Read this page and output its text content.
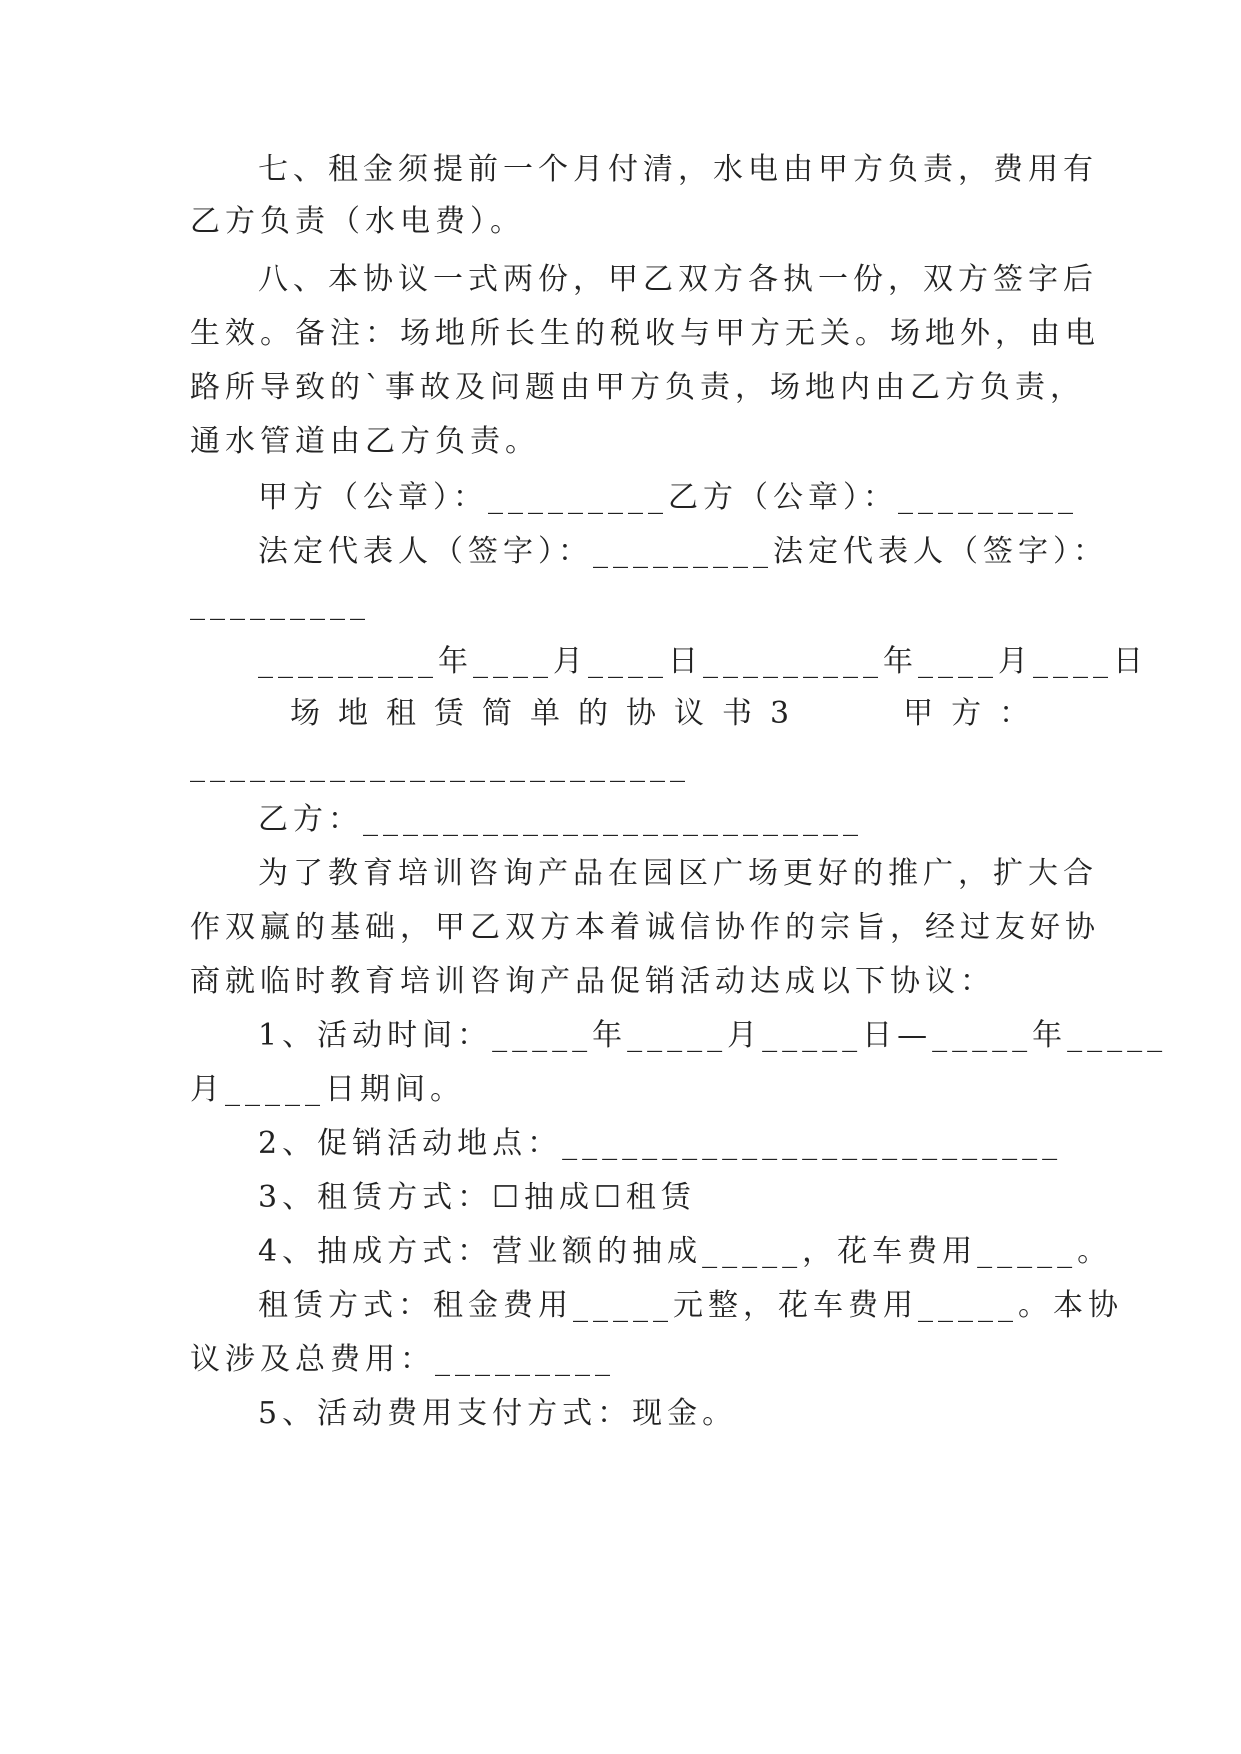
七、租金须提前一个月付清，水电由甲方负责，费用有
乙方负责（水电费）。
八、本协议一式两份，甲乙双方各执一份，双方签字后
生效。备注：场地所长生的税收与甲方无关。场地外，由电
路所导致的`事故及问题由甲方负责，场地内由乙方负责，
通水管道由乙方负责。
甲方（公章）：_________乙方（公章）：_________
法定代表人（签字）：_________法定代表人（签字）：
_________
_________年____月____日_________年____月____日
场地租赁简单的协议书3　　甲方：
_________________________
乙方：_________________________
为了教育培训咨询产品在园区广场更好的推广，扩大合
作双赢的基础，甲乙双方本着诚信协作的宗旨，经过友好协
商就临时教育培训咨询产品促销活动达成以下协议：
1、活动时间：_____年_____月_____日—_____年_____
月_____日期间。
2、促销活动地点：_________________________
3、租赁方式：☐抽成☐租赁
4、抽成方式：营业额的抽成_____，花车费用_____。
租赁方式：租金费用_____元整，花车费用_____。本协
议涉及总费用：_________
5、活动费用支付方式：现金。
